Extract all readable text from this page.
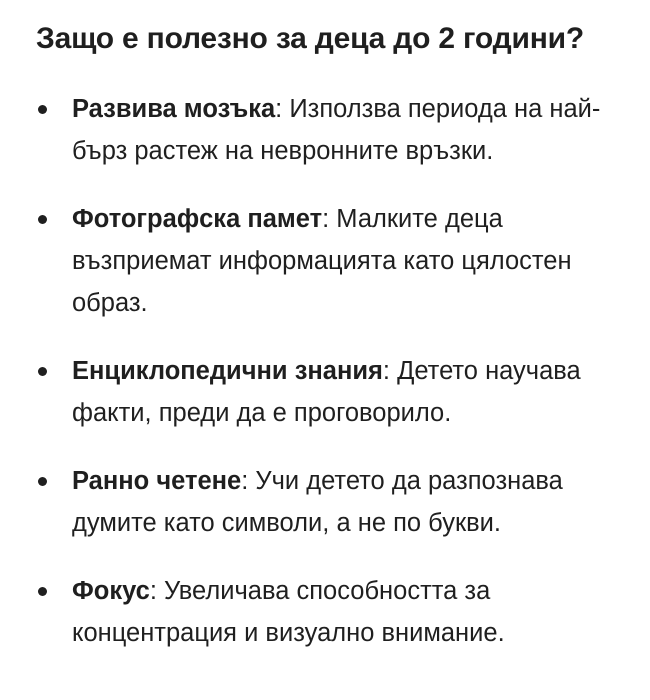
Защо е полезно за деца до 2 години?
Развива мозъка: Използва периода на най-бърз растеж на невронните връзки.
Фотографска памет: Малките деца възприемат информацията като цялостен образ.
Енциклопедични знания: Детето научава факти, преди да е проговорило.
Ранно четене: Учи детето да разпознава думите като символи, а не по букви.
Фокус: Увеличава способността за концентрация и визуално внимание.
